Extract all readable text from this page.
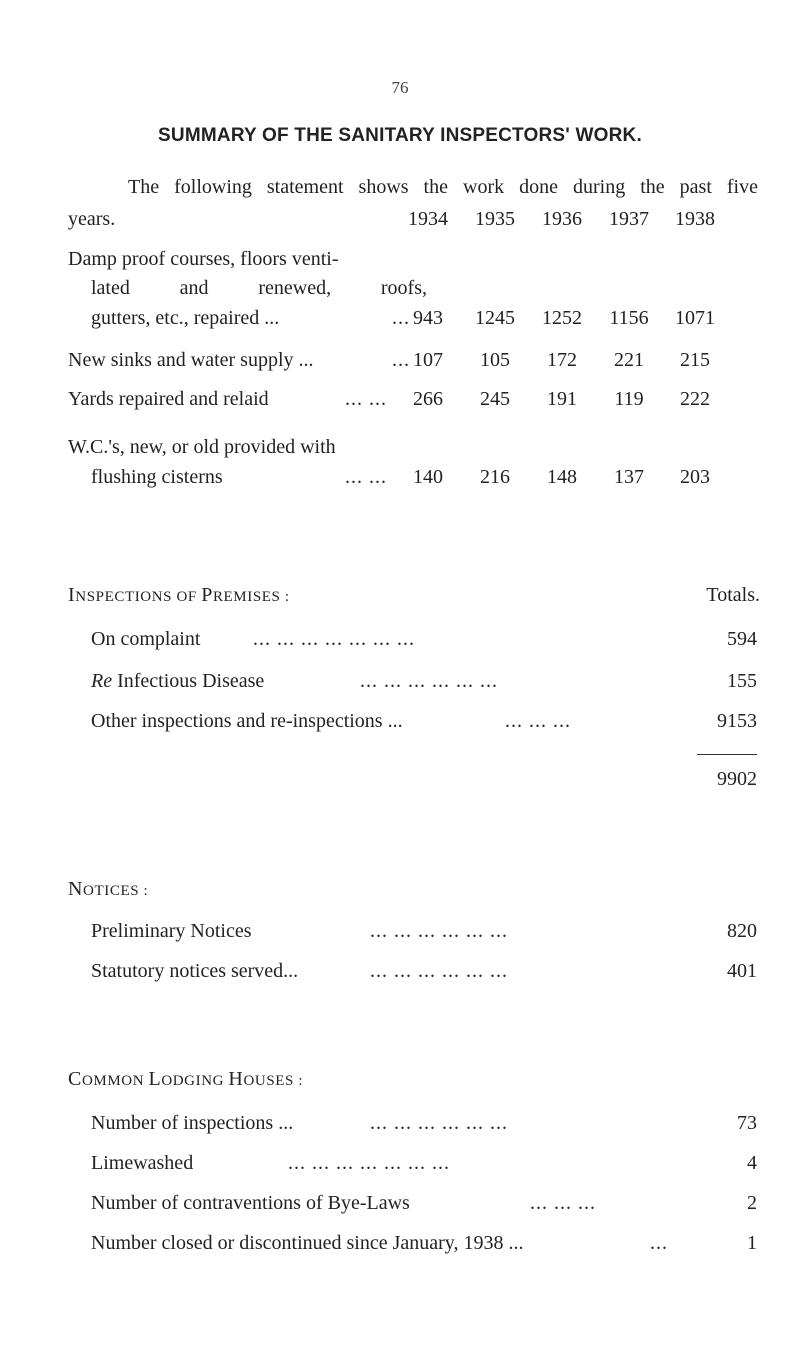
76
SUMMARY OF THE SANITARY INSPECTORS' WORK.
The following statement shows the work done during the past five
years.	1934	1935	1936	1937	1938
Damp proof courses, floors venti-
lated and renewed, roofs,
gutters, etc., repaired ...	... 943	1245	1252	1156	1071
New sinks and water supply ...	... 107	105	172	221	215
Yards repaired and relaid	... ...	266	245	191	119	222
W.C.'s, new, or old provided with
flushing cisterns	... ...	140	216	148	137	203
INSPECTIONS OF PREMISES :	Totals.
On complaint	... ... ... ... ... ... ...	594
Re Infectious Disease	... ... ... ... ... ...	155
Other inspections and re-inspections ...	... ... ...	9153
9902
NOTICES :
Preliminary Notices	... ... ... ... ... ...	820
Statutory notices served...	... ... ... ... ... ...	401
COMMON LODGING HOUSES :
Number of inspections ...	... ... ... ... ... ...	73
Limewashed	... ... ... ... ... ... ...	4
Number of contraventions of Bye-Laws	... ... ...	2
Number closed or discontinued since January, 1938 ...	...	1
